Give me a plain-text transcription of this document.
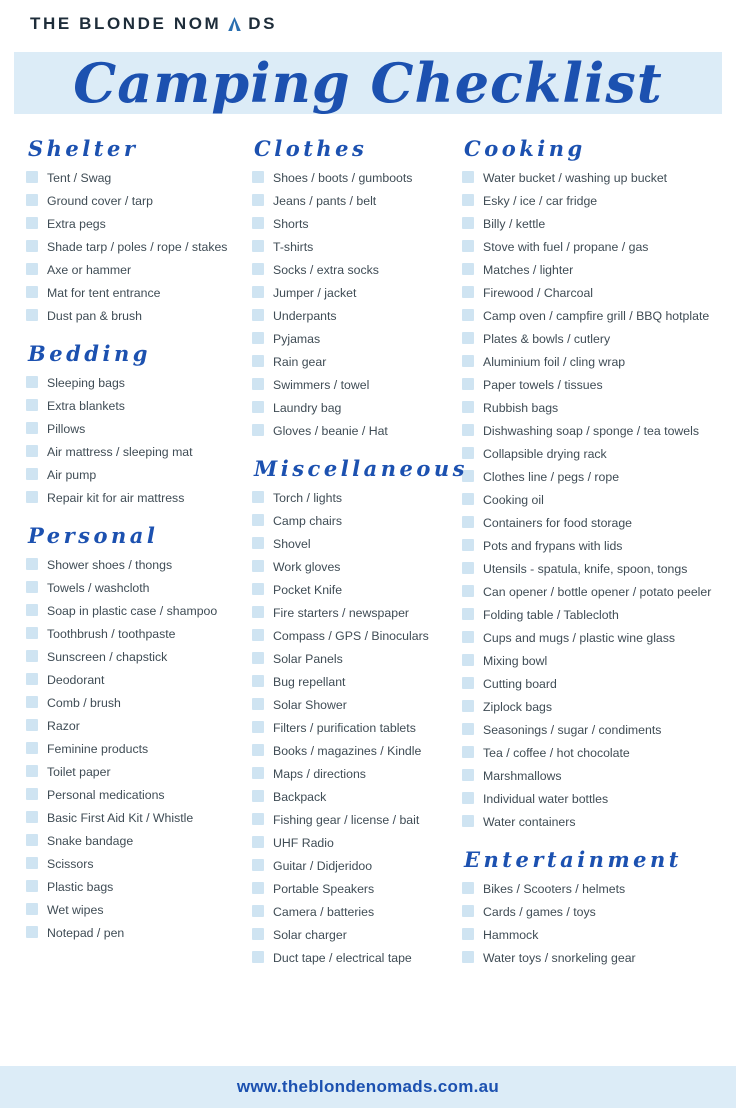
THE BLONDE NOM DS
Camping Checklist
Shelter
Tent / Swag
Ground cover / tarp
Extra pegs
Shade tarp / poles / rope / stakes
Axe or hammer
Mat for tent entrance
Dust pan & brush
Bedding
Sleeping bags
Extra blankets
Pillows
Air mattress / sleeping mat
Air pump
Repair kit for air mattress
Personal
Shower shoes / thongs
Towels / washcloth
Soap in plastic case / shampoo
Toothbrush / toothpaste
Sunscreen / chapstick
Deodorant
Comb / brush
Razor
Feminine products
Toilet paper
Personal medications
Basic First Aid Kit / Whistle
Snake bandage
Scissors
Plastic bags
Wet wipes
Notepad / pen
Clothes
Shoes / boots / gumboots
Jeans / pants / belt
Shorts
T-shirts
Socks / extra socks
Jumper / jacket
Underpants
Pyjamas
Rain gear
Swimmers / towel
Laundry bag
Gloves / beanie / Hat
Miscellaneous
Torch / lights
Camp chairs
Shovel
Work gloves
Pocket Knife
Fire starters / newspaper
Compass / GPS / Binoculars
Solar Panels
Bug repellant
Solar Shower
Filters / purification tablets
Books / magazines / Kindle
Maps / directions
Backpack
Fishing gear / license / bait
UHF Radio
Guitar / Didjeridoo
Portable Speakers
Camera / batteries
Solar charger
Duct tape / electrical tape
Cooking
Water bucket / washing up bucket
Esky / ice / car fridge
Billy / kettle
Stove with fuel / propane / gas
Matches / lighter
Firewood / Charcoal
Camp oven / campfire grill / BBQ hotplate
Plates & bowls / cutlery
Aluminium foil / cling wrap
Paper towels / tissues
Rubbish bags
Dishwashing soap / sponge / tea towels
Collapsible drying rack
Clothes line / pegs / rope
Cooking oil
Containers for food storage
Pots and frypans with lids
Utensils - spatula, knife, spoon, tongs
Can opener / bottle opener / potato peeler
Folding table / Tablecloth
Cups and mugs / plastic wine glass
Mixing bowl
Cutting board
Ziplock bags
Seasonings / sugar / condiments
Tea / coffee / hot chocolate
Marshmallows
Individual water bottles
Water containers
Entertainment
Bikes / Scooters / helmets
Cards / games / toys
Hammock
Water toys / snorkeling gear
www.theblondenomads.com.au
